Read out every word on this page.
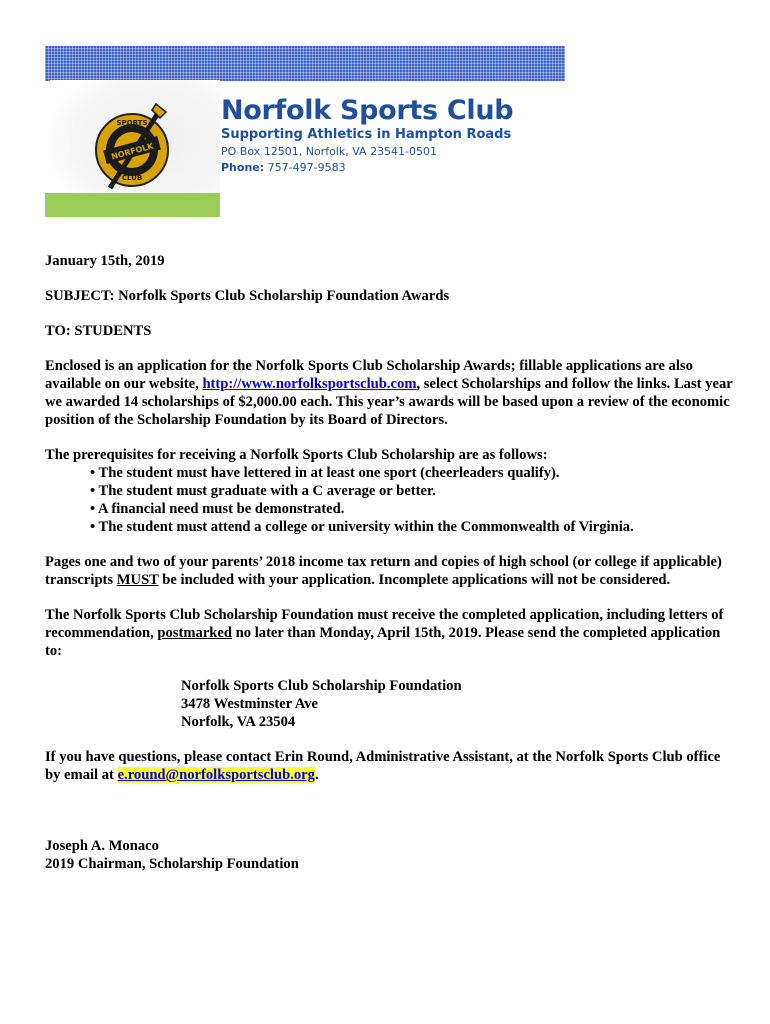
SPORTS
NORFOLK
CLUB
Norfolk Sports Club
Supporting Athletics in Hampton Roads
PO Box 12501, Norfolk, VA 23541-0501
Phone: 757-497-9583

January 15th, 2019

SUBJECT: Norfolk Sports Club Scholarship Foundation Awards

TO: STUDENTS

Enclosed is an application for the Norfolk Sports Club Scholarship Awards; fillable applications are also available on our website, http://www.norfolksportsclub.com, select Scholarships and follow the links. Last year we awarded 14 scholarships of $2,000.00 each. This year’s awards will be based upon a review of the economic position of the Scholarship Foundation by its Board of Directors.

The prerequisites for receiving a Norfolk Sports Club Scholarship are as follows:
• The student must have lettered in at least one sport (cheerleaders qualify).
• The student must graduate with a C average or better.
• A financial need must be demonstrated.
• The student must attend a college or university within the Commonwealth of Virginia.

Pages one and two of your parents’ 2018 income tax return and copies of high school (or college if applicable) transcripts MUST be included with your application. Incomplete applications will not be considered.

The Norfolk Sports Club Scholarship Foundation must receive the completed application, including letters of recommendation, postmarked no later than Monday, April 15th, 2019. Please send the completed application to:

Norfolk Sports Club Scholarship Foundation
3478 Westminster Ave
Norfolk, VA 23504

If you have questions, please contact Erin Round, Administrative Assistant, at the Norfolk Sports Club office by email at e.round@norfolksportsclub.org.

Joseph A. Monaco
2019 Chairman, Scholarship Foundation
